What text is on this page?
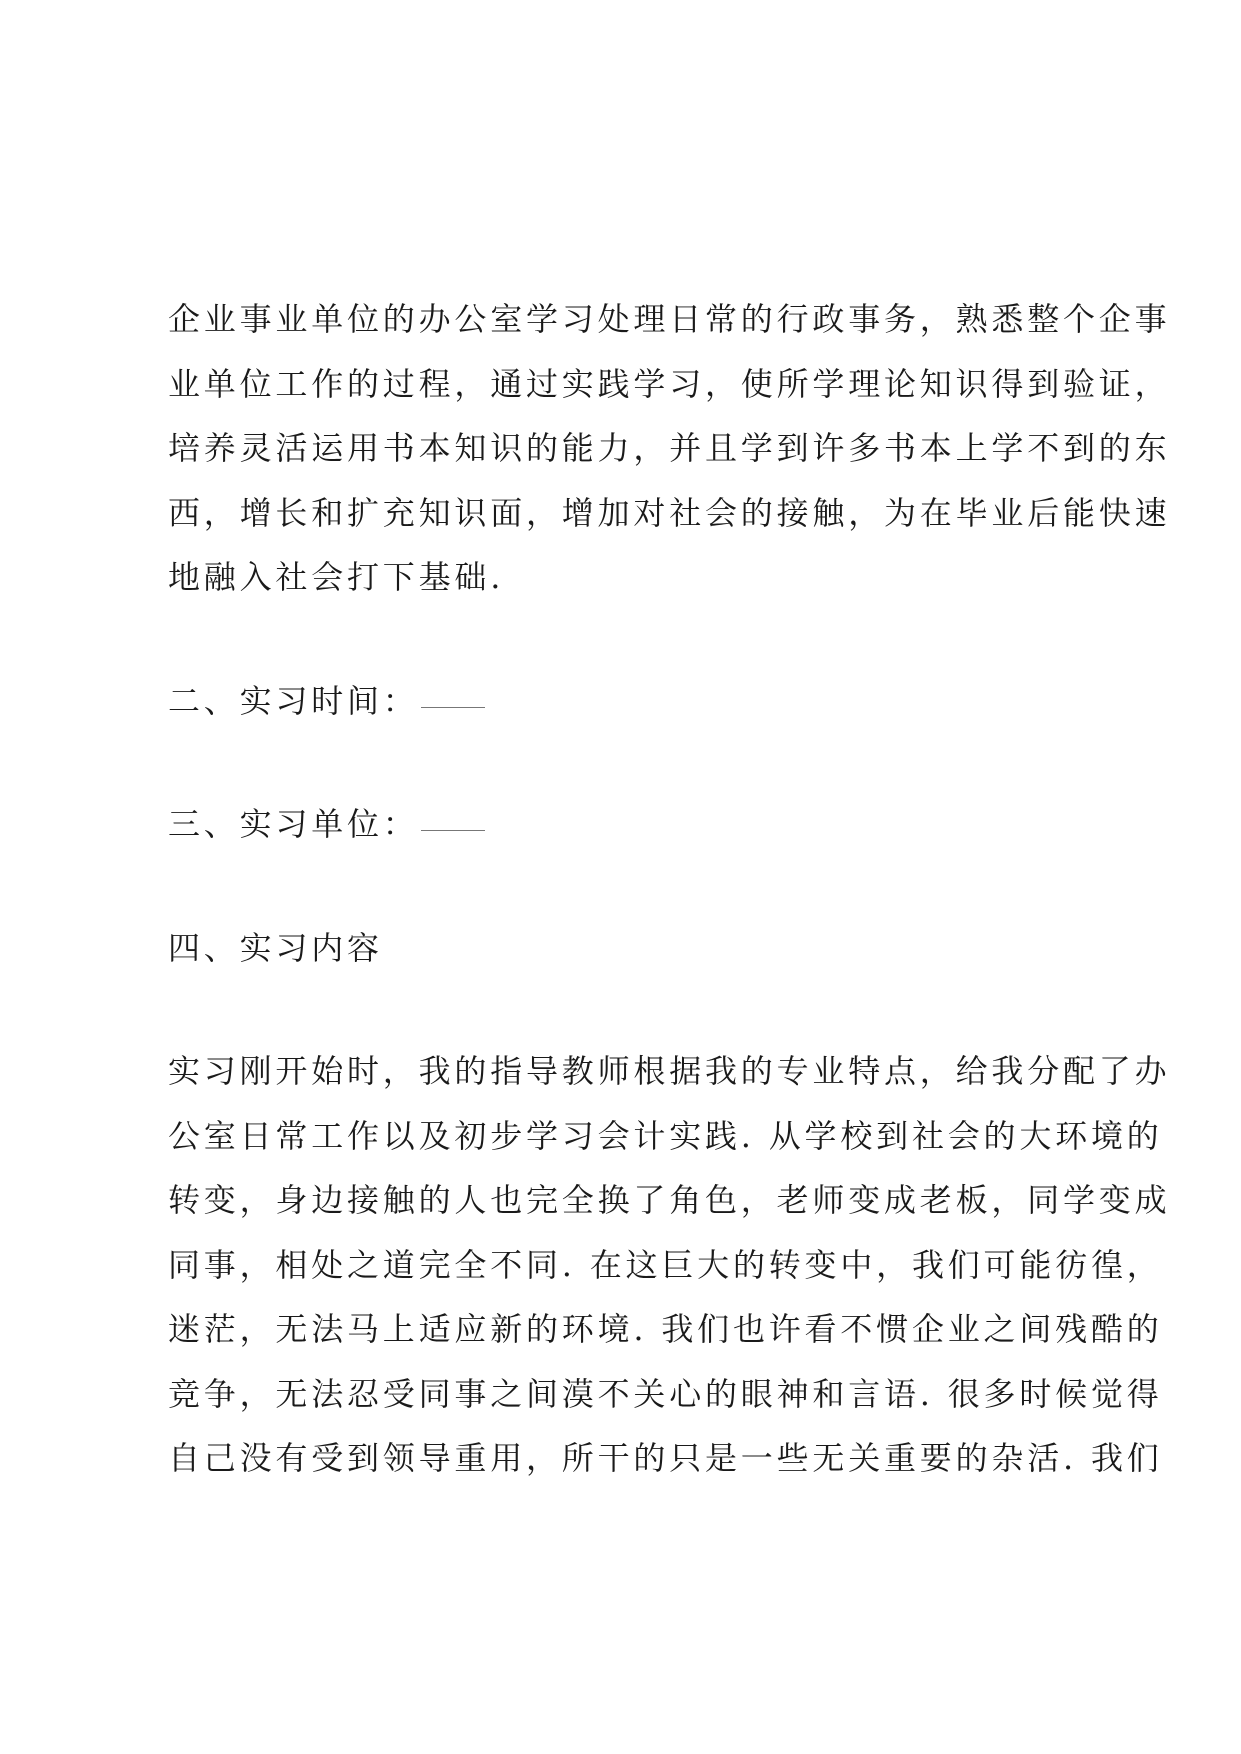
企业事业单位的办公室学习处理日常的行政事务，熟悉整个企事
业单位工作的过程，通过实践学习，使所学理论知识得到验证，
培养灵活运用书本知识的能力，并且学到许多书本上学不到的东
西，增长和扩充知识面，增加对社会的接触，为在毕业后能快速
地融入社会打下基础.
二、实习时间：
三、实习单位：
四、实习内容
实习刚开始时，我的指导教师根据我的专业特点，给我分配了办
公室日常工作以及初步学习会计实践. 从学校到社会的大环境的
转变，身边接触的人也完全换了角色，老师变成老板，同学变成
同事，相处之道完全不同. 在这巨大的转变中，我们可能彷徨，
迷茫，无法马上适应新的环境. 我们也许看不惯企业之间残酷的
竞争，无法忍受同事之间漠不关心的眼神和言语. 很多时候觉得
自己没有受到领导重用，所干的只是一些无关重要的杂活. 我们
